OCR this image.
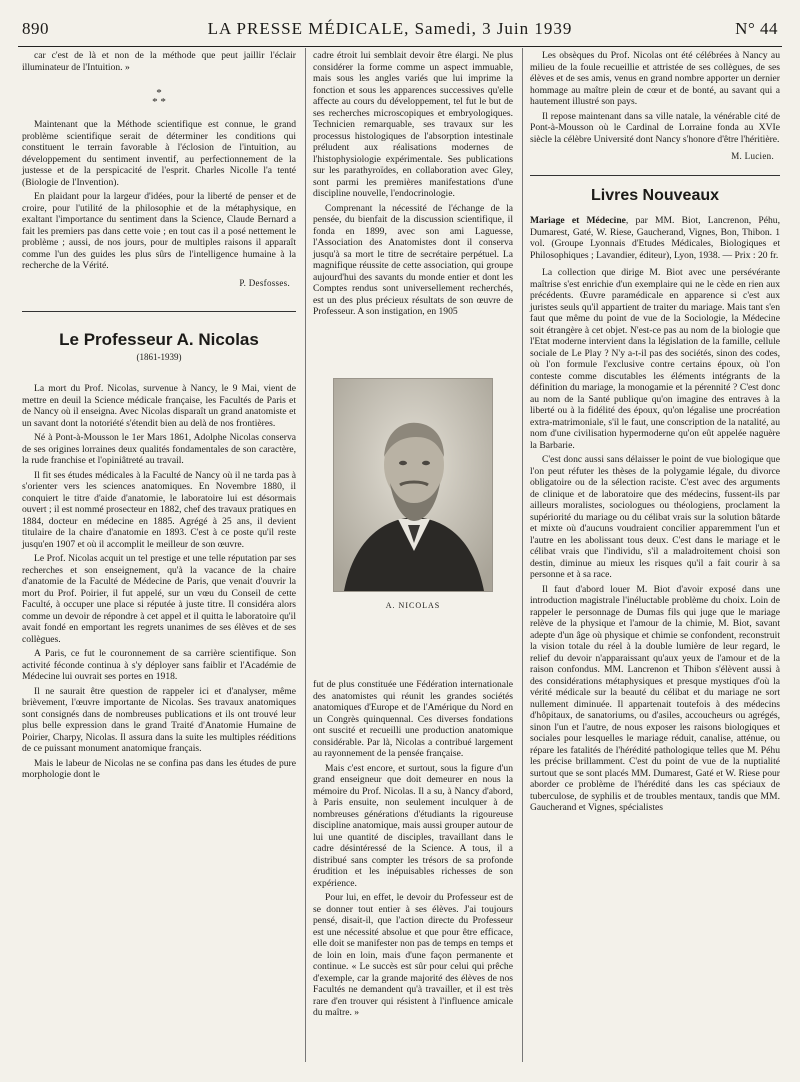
890	LA PRESSE MÉDICALE, Samedi, 3 Juin 1939	N° 44

car c'est de là et non de la méthode que peut jaillir l'éclair illuminateur de l'Intuition. »

*
* *

Maintenant que la Méthode scientifique est connue, le grand problème scientifique serait de déterminer les conditions qui constituent le terrain favorable à l'éclosion de l'intuition, au développement du sentiment inventif, au perfectionnement de la justesse et de la perspicacité de l'esprit. Charles Nicolle l'a tenté (Biologie de l'Invention).

En plaidant pour la largeur d'idées, pour la liberté de penser et de croire, pour l'utilité de la philosophie et de la métaphysique, en exaltant l'importance du sentiment dans la Science, Claude Bernard a fait les premiers pas dans cette voie ; en tout cas il a posé nettement le problème ; aussi, de nos jours, pour de multiples raisons il apparaît comme l'un des guides les plus sûrs de l'intelligence humaine à la recherche de la Vérité.

P. Desfosses.
Le Professeur A. Nicolas
(1861-1939)

La mort du Prof. Nicolas, survenue à Nancy, le 9 Mai, vient de mettre en deuil la Science médicale française, les Facultés de Paris et de Nancy où il enseigna. Avec Nicolas disparaît un grand anatomiste et un savant dont la notoriété s'étendit bien au delà de nos frontières.

Né à Pont-à-Mousson le 1er Mars 1861, Adolphe Nicolas conserva de ses origines lorraines deux qualités fondamentales de son caractère, la rude franchise et l'opiniâtreté au travail.

Il fit ses études médicales à la Faculté de Nancy où il ne tarda pas à s'orienter vers les sciences anatomiques. En Novembre 1880, il conquiert le titre d'aide d'anatomie, le laboratoire lui est désormais ouvert ; il est nommé prosecteur en 1882, chef des travaux pratiques en 1884, docteur en médecine en 1885. Agrégé à 25 ans, il devient titulaire de la chaire d'anatomie en 1893. C'est à ce poste qu'il reste jusqu'en 1907 et où il accomplit le meilleur de son œuvre.

Le Prof. Nicolas acquit un tel prestige et une telle réputation par ses recherches et son enseignement, qu'à la vacance de la chaire d'anatomie de la Faculté de Médecine de Paris, que venait d'ouvrir la mort du Prof. Poirier, il fut appelé, sur un vœu du Conseil de cette Faculté, à occuper une place si réputée à juste titre. Il considéra alors comme un devoir de répondre à cet appel et il quitta le laboratoire qu'il avait fondé en emportant les regrets unanimes de ses élèves et de ses collègues.

A Paris, ce fut le couronnement de sa carrière scientifique. Son activité féconde continua à s'y déployer sans faiblir et l'Académie de Médecine lui ouvrait ses portes en 1918.

Il ne saurait être question de rappeler ici et d'analyser, même brièvement, l'œuvre importante de Nicolas. Ses travaux anatomiques sont consignés dans de nombreuses publications et ils ont trouvé leur plus belle expression dans le grand Traité d'Anatomie Humaine de Poirier, Charpy, Nicolas. Il assura dans la suite les multiples rééditions de ce puissant monument anatomique français.

Mais le labeur de Nicolas ne se confina pas dans les études de pure morphologie dont le

cadre étroit lui semblait devoir être élargi. Ne plus considérer la forme comme un aspect immuable, mais sous les angles variés que lui imprime la fonction et sous les apparences successives qu'elle affecte au cours du développement, tel fut le but de ses recherches microscopiques et embryologiques. Technicien remarquable, ses travaux sur les processus histologiques de l'absorption intestinale préludent aux réalisations modernes de l'histophysiologie expérimentale. Ses publications sur les parathyroïdes, en collaboration avec Gley, sont parmi les premières manifestations d'une discipline nouvelle, l'endocrinologie.

Comprenant la nécessité de l'échange de la pensée, du bienfait de la discussion scientifique, il fonda en 1899, avec son ami Laguesse, l'Association des Anatomistes dont il conserva jusqu'à sa mort le titre de secrétaire perpétuel. La magnifique réussite de cette association, qui groupe aujourd'hui des savants du monde entier et dont les Comptes rendus sont universellement recherchés, est un des plus précieux résultats de son œuvre de Professeur. A son instigation, en 1905

A. NICOLAS

fut de plus constituée une Fédération internationale des anatomistes qui réunit les grandes sociétés anatomiques d'Europe et de l'Amérique du Nord en un Congrès quinquennal. Ces diverses fondations ont suscité et recueilli une production anatomique considérable. Par là, Nicolas a contribué largement au rayonnement de la pensée française.

Mais c'est encore, et surtout, sous la figure d'un grand enseigneur que doit demeurer en nous la mémoire du Prof. Nicolas. Il a su, à Nancy d'abord, à Paris ensuite, non seulement inculquer à de nombreuses générations d'étudiants la rigoureuse discipline anatomique, mais aussi grouper autour de lui une quantité de disciples, travaillant dans le cadre désintéressé de la Science. A tous, il a distribué sans compter les trésors de sa profonde érudition et les inépuisables richesses de son expérience.

Pour lui, en effet, le devoir du Professeur est de se donner tout entier à ses élèves. J'ai toujours pensé, disait-il, que l'action directe du Professeur est une nécessité absolue et que pour être efficace, elle doit se manifester non pas de temps en temps et de loin en loin, mais d'une façon permanente et continue. « Le succès est sûr pour celui qui prêche d'exemple, car la grande majorité des élèves de nos Facultés ne demandent qu'à travailler, et il est très rare d'en trouver qui résistent à l'influence amicale du maître. »

Les obsèques du Prof. Nicolas ont été célébrées à Nancy au milieu de la foule recueillie et attristée de ses collègues, de ses élèves et de ses amis, venus en grand nombre apporter un dernier hommage au maître plein de cœur et de bonté, au savant qui a hautement illustré son pays.

Il repose maintenant dans sa ville natale, la vénérable cité de Pont-à-Mousson où le Cardinal de Lorraine fonda au XVIe siècle la célèbre Université dont Nancy s'honore d'être l'héritière.

M. Lucien.
Livres Nouveaux

Mariage et Médecine, par MM. Biot, Lancrenon, Péhu, Dumarest, Gaté, W. Riese, Gaucherand, Vignes, Bon, Thibon. 1 vol. (Groupe Lyonnais d'Etudes Médicales, Biologiques et Philosophiques ; Lavandier, éditeur), Lyon, 1938. — Prix : 20 fr.

La collection que dirige M. Biot avec une persévérante maîtrise s'est enrichie d'un exemplaire qui ne le cède en rien aux précédents. Œuvre paramédicale en apparence si c'est aux juristes seuls qu'il appartient de traiter du mariage. Mais tant s'en faut que même du point de vue de la Sociologie, la Médecine soit étrangère à cet objet. N'est-ce pas au nom de la biologie que l'Etat moderne intervient dans la législation de la famille, cellule sociale de Le Play ? N'y a-t-il pas des sociétés, sinon des codes, où l'on formule l'exclusive contre certains époux, où l'on conteste comme discutables les éléments intégrants de la définition du mariage, la monogamie et la pérennité ? C'est donc au nom de la Santé publique qu'on imagine des entraves à la liberté ou à la fidélité des époux, qu'on légalise une procréation extra-matrimoniale, s'il le faut, une conscription de la natalité, au nom d'une civilisation hypermoderne qu'on eût appelée naguère la Barbarie.

C'est donc aussi sans délaisser le point de vue biologique que l'on peut réfuter les thèses de la polygamie légale, du divorce obligatoire ou de la sélection raciste. C'est avec des arguments de clinique et de laboratoire que des médecins, fussent-ils par ailleurs moralistes, sociologues ou théologiens, proclament la supériorité du mariage ou du célibat vrais sur la solution bâtarde et mixte où d'aucuns voudraient concilier apparemment l'un et l'autre en les abolissant tous deux. C'est dans le mariage et le célibat vrais que l'individu, s'il a maladroitement choisi son destin, diminue au mieux les risques qu'il a fait courir à sa personne et à sa race.

Il faut d'abord louer M. Biot d'avoir exposé dans une introduction magistrale l'inéluctable problème du choix. Loin de rappeler le personnage de Dumas fils qui juge que le mariage relève de la physique et l'amour de la chimie, M. Biot, savant adepte d'un âge où physique et chimie se confondent, reconstruit la vision totale du réel à la double lumière de leur regard, le relief du devoir n'apparaissant qu'aux yeux de l'amour et de la raison confondus. MM. Lancrenon et Thibon s'élèvent aussi à des considérations métaphysiques et presque mystiques d'où la vérité médicale sur la beauté du célibat et du mariage ne sort nullement diminuée. Il appartenait toutefois à des médecins d'hôpitaux, de sanatoriums, ou d'asiles, accoucheurs ou agrégés, sinon l'un et l'autre, de nous exposer les raisons biologiques et sociales pour lesquelles le mariage réduit, canalise, atténue, ou répare les fatalités de l'hérédité pathologique telles que M. Péhu les précise brillamment. C'est du point de vue de la nuptialité surtout que se sont placés MM. Dumarest, Gaté et W. Riese pour aborder ce problème de l'hérédité dans les cas spéciaux de tuberculose, de syphilis et de troubles mentaux, tandis que MM. Gaucherand et Vignes, spécialistes
